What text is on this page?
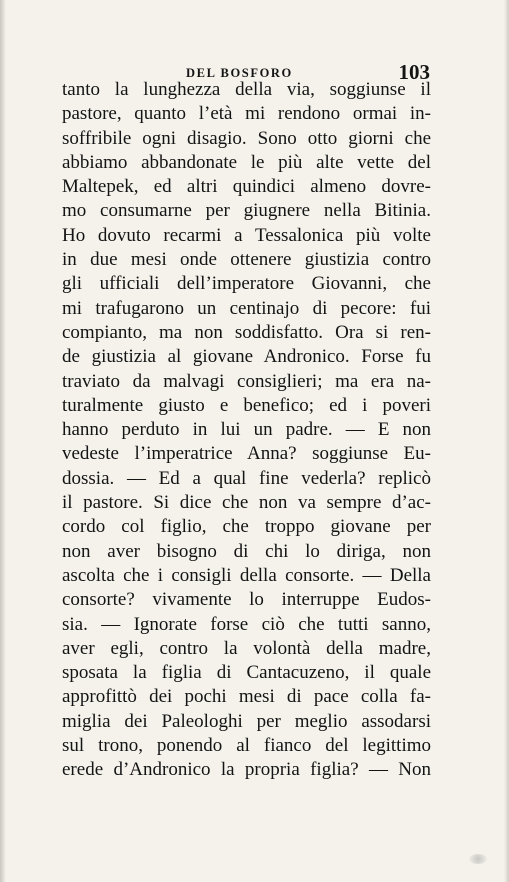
DEL BOSFORO	103
tanto la lunghezza della via, soggiunse il
pastore, quanto l’età mi rendono ormai in-
soffribile ogni disagio. Sono otto giorni che
abbiamo abbandonate le più alte vette del
Maltepek, ed altri quindici almeno dovre-
mo consumarne per giugnere nella Bitinia.
Ho dovuto recarmi a Tessalonica più volte
in due mesi onde ottenere giustizia contro
gli ufficiali dell’imperatore Giovanni, che
mi trafugarono un centinajo di pecore: fui
compianto, ma non soddisfatto. Ora si ren-
de giustizia al giovane Andronico. Forse fu
traviato da malvagi consiglieri; ma era na-
turalmente giusto e benefico; ed i poveri
hanno perduto in lui un padre. — E non
vedeste l’imperatrice Anna? soggiunse Eu-
dossia. — Ed a qual fine vederla? replicò
il pastore. Si dice che non va sempre d’ac-
cordo col figlio, che troppo giovane per
non aver bisogno di chi lo diriga, non
ascolta che i consigli della consorte. — Della
consorte? vivamente lo interruppe Eudos-
sia. — Ignorate forse ciò che tutti sanno,
aver egli, contro la volontà della madre,
sposata la figlia di Cantacuzeno, il quale
approfittò dei pochi mesi di pace colla fa-
miglia dei Paleologhi per meglio assodarsi
sul trono, ponendo al fianco del legittimo
erede d’Andronico la propria figlia? — Non
